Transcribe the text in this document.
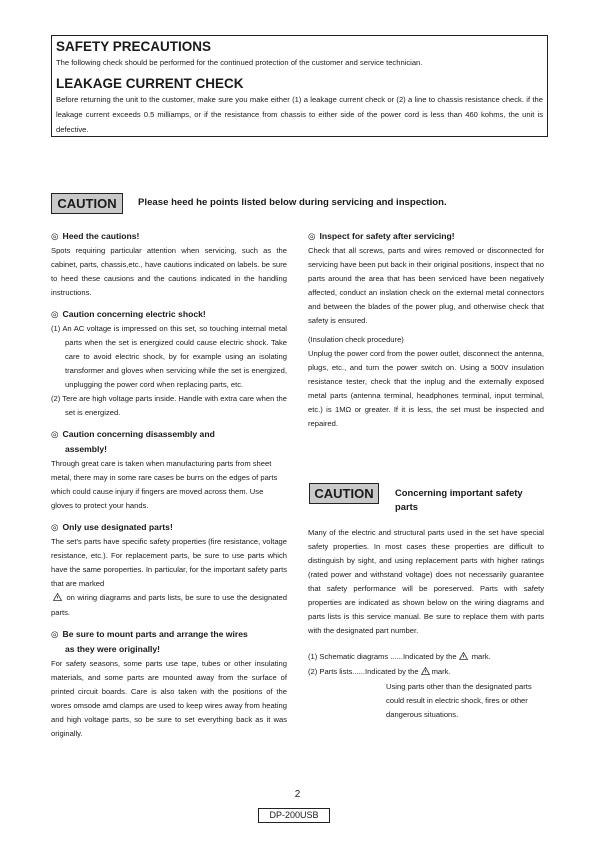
SAFETY PRECAUTIONS
The following check should be performed for the continued protection of the customer and service technician.
LEAKAGE CURRENT CHECK
Before returning the unit to the customer, make sure you make either (1) a leakage current check or (2) a line to chassis resistance check. if the leakage current exceeds 0.5 milliamps, or if the resistance from chassis to either side of the power cord is less than 460 kohms, the unit is defective.
CAUTION	Please heed he points listed below during servicing and inspection.
◎ Heed the cautions!

Spots requiring particular attention when servicing, such as the cabinet, parts, chassis,etc., have cautions indicated on labels. be sure to heed these causions and the cautions indicated in the handling instructions.

◎ Caution concerning electric shock!
(1) An AC voltage is impressed on this set, so touching internal metal parts when the set is energized could cause electric shock. Take care to avoid electric shock, by for example using an isolating transformer and gloves when servicing while the set is energized, unplugging the power cord when replacing parts, etc.
(2) Tere are high voltage parts inside. Handle with extra care when the set is energized.
◎ Caution concerning disassembly and
assembly!

Through great care is taken when manufacturing parts from sheet metal, there may in some rare cases be burrs on the edges of parts which could cause injury if fingers are moved across them. Use gloves to protect your hands.

◎ Only use designated parts!

The set's parts have specific safety properties (fire resistance, voltage resistance, etc.). For replacement parts, be sure to use parts which have the same poroperties. In particular, for the important safety parts that are marked
on wiring diagrams and parts lists, be sure to use the designated parts.

◎ Be sure to mount parts and arrange the wires
as they were originally!

For safety seasons, some parts use tape, tubes or other insulating materials, and some parts are mounted away from the surface of printed circuit boards. Care is also taken with the positions of the wores omsode amd clamps are used to keep wires away from heating and high voltage parts, so be sure to set everything back as it was originally.

◎ Inspect for safety after servicing!

Check that all screws, parts and wires removed or disconnected for servicing have been put back in their original positions, inspect that no parts around the area that has been serviced have been negatively affected, conduct an inslation check on the external metal connectors and between the blades of the power plug, and otherwise check that safety is ensured.

(Insulation check procedure)

Unplug the power cord from the power outlet, disconnect the antenna, plugs, etc., and turn the power switch on. Using a 500V insulation resistance tester, check that the inplug and the externally exposed metal parts (antenna terminal, headphones terminal, input terminal, etc.) is 1MΩ or greater. If it is less, the set must be inspected and repaired.

CAUTION	Concerning important safety
parts

Many of the electric and structural parts used in the set have special safety properties. In most cases these properties are difficult to distinguish by sight, and using replacement parts with higher ratings (rated power and withstand voltage) does not necessarily guarantee that safety performance will be poreserved. Parts with safety properties are indicated as shown below on the wiring diagrams and parts lists is this service manual. Be sure to replace them with parts with the designated part number.

(1) Schematic diagrams ......Indicated by the mark.
(2) Parts lists......Indicated by the mark.
Using parts other than the designated parts could result in electric shock, fires or other dangerous situations.
2
DP-200USB
